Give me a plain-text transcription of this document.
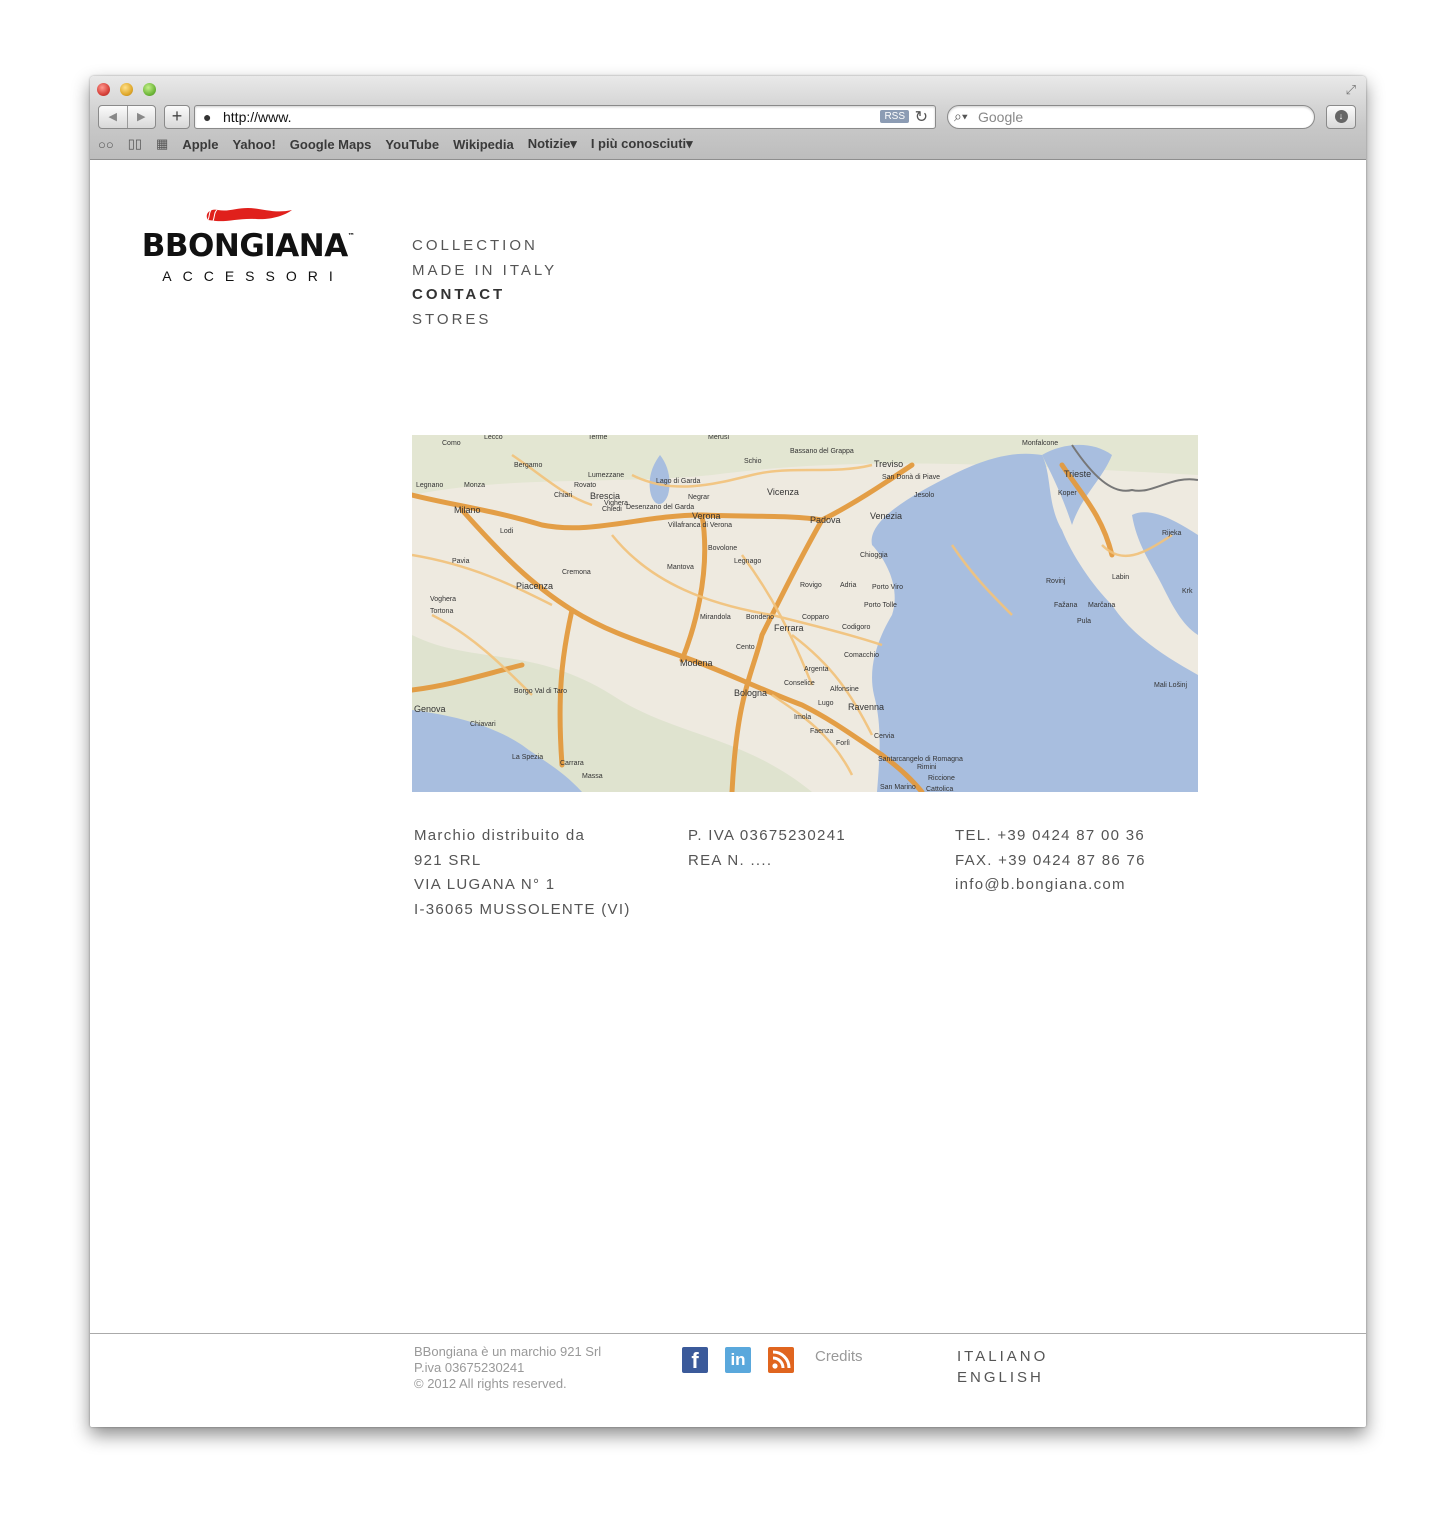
⤢
◀	▶	+	● http://www.	RSS ↻ ⌕▾ Google	↓
○○ ▯▯ ▦ Apple Yahoo! Google Maps YouTube Wikipedia Notizie▾ I più conosciuti▾
BBONGIANA™
ACCESSORI
COLLECTION
MADE IN ITALY
CONTACT
STORES
Bergamo
Milano
Monza
Lodi
Pavia
Brescia
Verona
Vicenza
Padova	Venezia
Treviso
Trieste
Rijeka
Piacenza
Cremona
Mantova
Rovigo
Ferrara
Modena
Bologna
Ravenna
Forlì
Rimini
Genova
La Spezia
Massa
Chioggia
Pula
Koper
Legnago
Imola
Faenza
Cervia
Comacchio
Adria
Copparo
Bondeno
Mirandola
Cento
Lugo
Schio
Bassano del Grappa
San Donà di Piave
Jesolo
Rovinj
Labin
Vighera
Tortona
Voghera
Chiavari
Carrara
Riccione
Borgo Val di Taro
Lumezzane
Chiari
Desenzano del Garda
Lago di Garda
Negrar
Villafranca di Verona
Bovolone
Porto Viro
Porto Tolle
Codigoro
Alfonsine
Argenta
Conselice
Santarcangelo di Romagna
Cattolica
San Marino
Mali Lošinj
Fažana Marčana
Monfalcone
Lecco
Como
Terme
Legnano	Rovato
Chiedi
Merusi
Krk
Marchio distribuito da
921 SRL
VIA LUGANA N° 1
I-36065 MUSSOLENTE (VI)
P. IVA 03675230241
REA N. ....
TEL. +39 0424 87 00 36
FAX. +39 0424 87 86 76
info@b.bongiana.com
BBongiana è un marchio 921 Srl
P.iva 03675230241
© 2012 All rights reserved.
f	in	Credits	ITALIANO
ENGLISH
